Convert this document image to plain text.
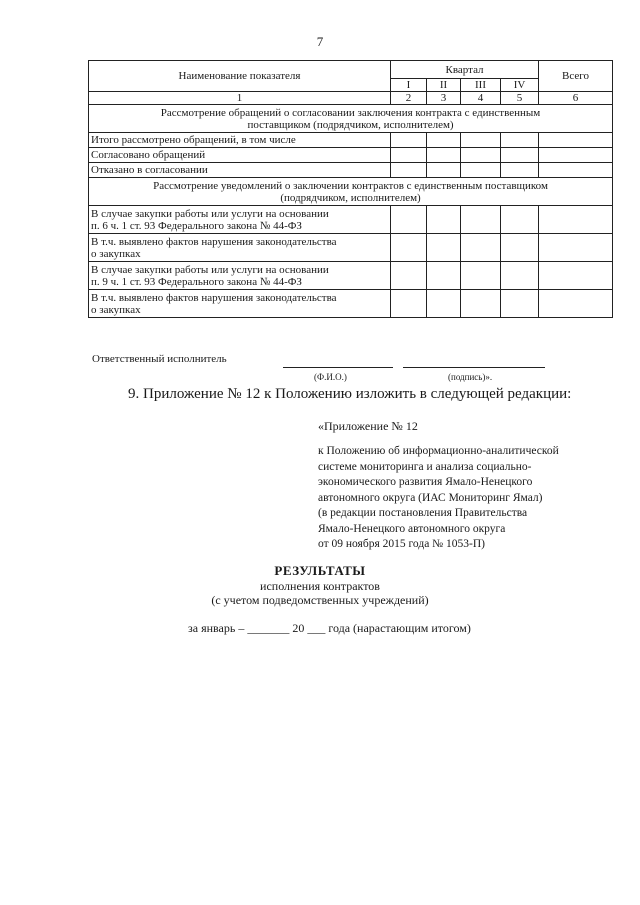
7
Наименование показателя	Квартал				Всего
	I	II	III	IV	
1	2	3	4	5	6

Рассмотрение обращений о согласовании заключения контракта с единственным
поставщиком (подрядчиком, исполнителем)					

Итого рассмотрено обращений, в том числе					
Согласовано обращений					
Отказано в согласовании					

Рассмотрение уведомлений о заключении контрактов с единственным поставщиком
(подрядчиком, исполнителем)					

В случае закупки работы или услуги на основании
п. 6 ч. 1 ст. 93 Федерального закона № 44-ФЗ					

В т.ч. выявлено фактов нарушения законодательства
о закупках					

В случае закупки работы или услуги на основании
п. 9 ч. 1 ст. 93 Федерального закона № 44-ФЗ					

В т.ч. выявлено фактов нарушения законодательства
о закупках					

Ответственный исполнитель
(Ф.И.О.)	(подпись)».
9. Приложение № 12 к Положению изложить в следующей редакции:
«Приложение № 12
к Положению об информационно-аналитической
системе мониторинга и анализа социально-
экономического развития Ямало-Ненецкого
автономного округа (ИАС Мониторинг Ямал)
(в редакции постановления Правительства
Ямало-Ненецкого автономного округа
от 09 ноября 2015 года № 1053-П)
РЕЗУЛЬТАТЫ
исполнения контрактов
(с учетом подведомственных учреждений)
за январь – _______ 20 ___ года (нарастающим итогом)
